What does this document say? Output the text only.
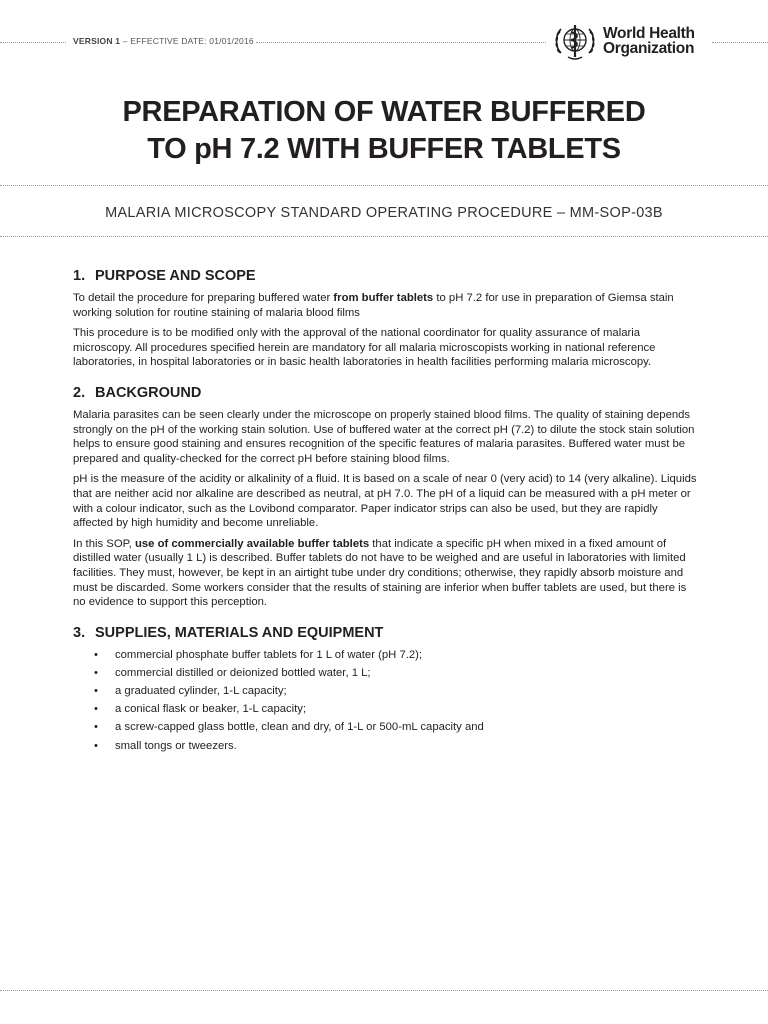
VERSION 1 – EFFECTIVE DATE: 01/01/2016	World Health
Organization
PREPARATION OF WATER BUFFERED
TO pH 7.2 WITH BUFFER TABLETS
MALARIA MICROSCOPY STANDARD OPERATING PROCEDURE – MM-SOP-03B
1. PURPOSE AND SCOPE

To detail the procedure for preparing buffered water from buffer tablets to pH 7.2 for use in preparation of Giemsa stain working solution for routine staining of malaria blood films

This procedure is to be modified only with the approval of the national coordinator for quality assurance of malaria microscopy. All procedures specified herein are mandatory for all malaria microscopists working in national reference laboratories, in hospital laboratories or in basic health laboratories in health facilities performing malaria microscopy.

2. BACKGROUND

Malaria parasites can be seen clearly under the microscope on properly stained blood films. The quality of staining depends strongly on the pH of the working stain solution. Use of buffered water at the correct pH (7.2) to dilute the stock stain solution helps to ensure good staining and ensures recognition of the specific features of malaria parasites. Buffered water must be prepared and quality-checked for the correct pH before staining blood films.

pH is the measure of the acidity or alkalinity of a fluid. It is based on a scale of near 0 (very acid) to 14 (very alkaline). Liquids that are neither acid nor alkaline are described as neutral, at pH 7.0. The pH of a liquid can be measured with a pH meter or with a colour indicator, such as the Lovibond comparator. Paper indicator strips can also be used, but they are rapidly affected by high humidity and become unreliable.

In this SOP, use of commercially available buffer tablets that indicate a specific pH when mixed in a fixed amount of distilled water (usually 1 L) is described. Buffer tablets do not have to be weighed and are useful in laboratories with limited facilities. They must, however, be kept in an airtight tube under dry conditions; otherwise, they rapidly absorb moisture and must be discarded. Some workers consider that the results of staining are inferior when buffer tablets are used, but there is no evidence to support this perception.

3. SUPPLIES, MATERIALS AND EQUIPMENT
• commercial phosphate buffer tablets for 1 L of water (pH 7.2);
• commercial distilled or deionized bottled water, 1 L;
• a graduated cylinder, 1-L capacity;
• a conical flask or beaker, 1-L capacity;
• a screw-capped glass bottle, clean and dry, of 1-L or 500-mL capacity and
• small tongs or tweezers.
